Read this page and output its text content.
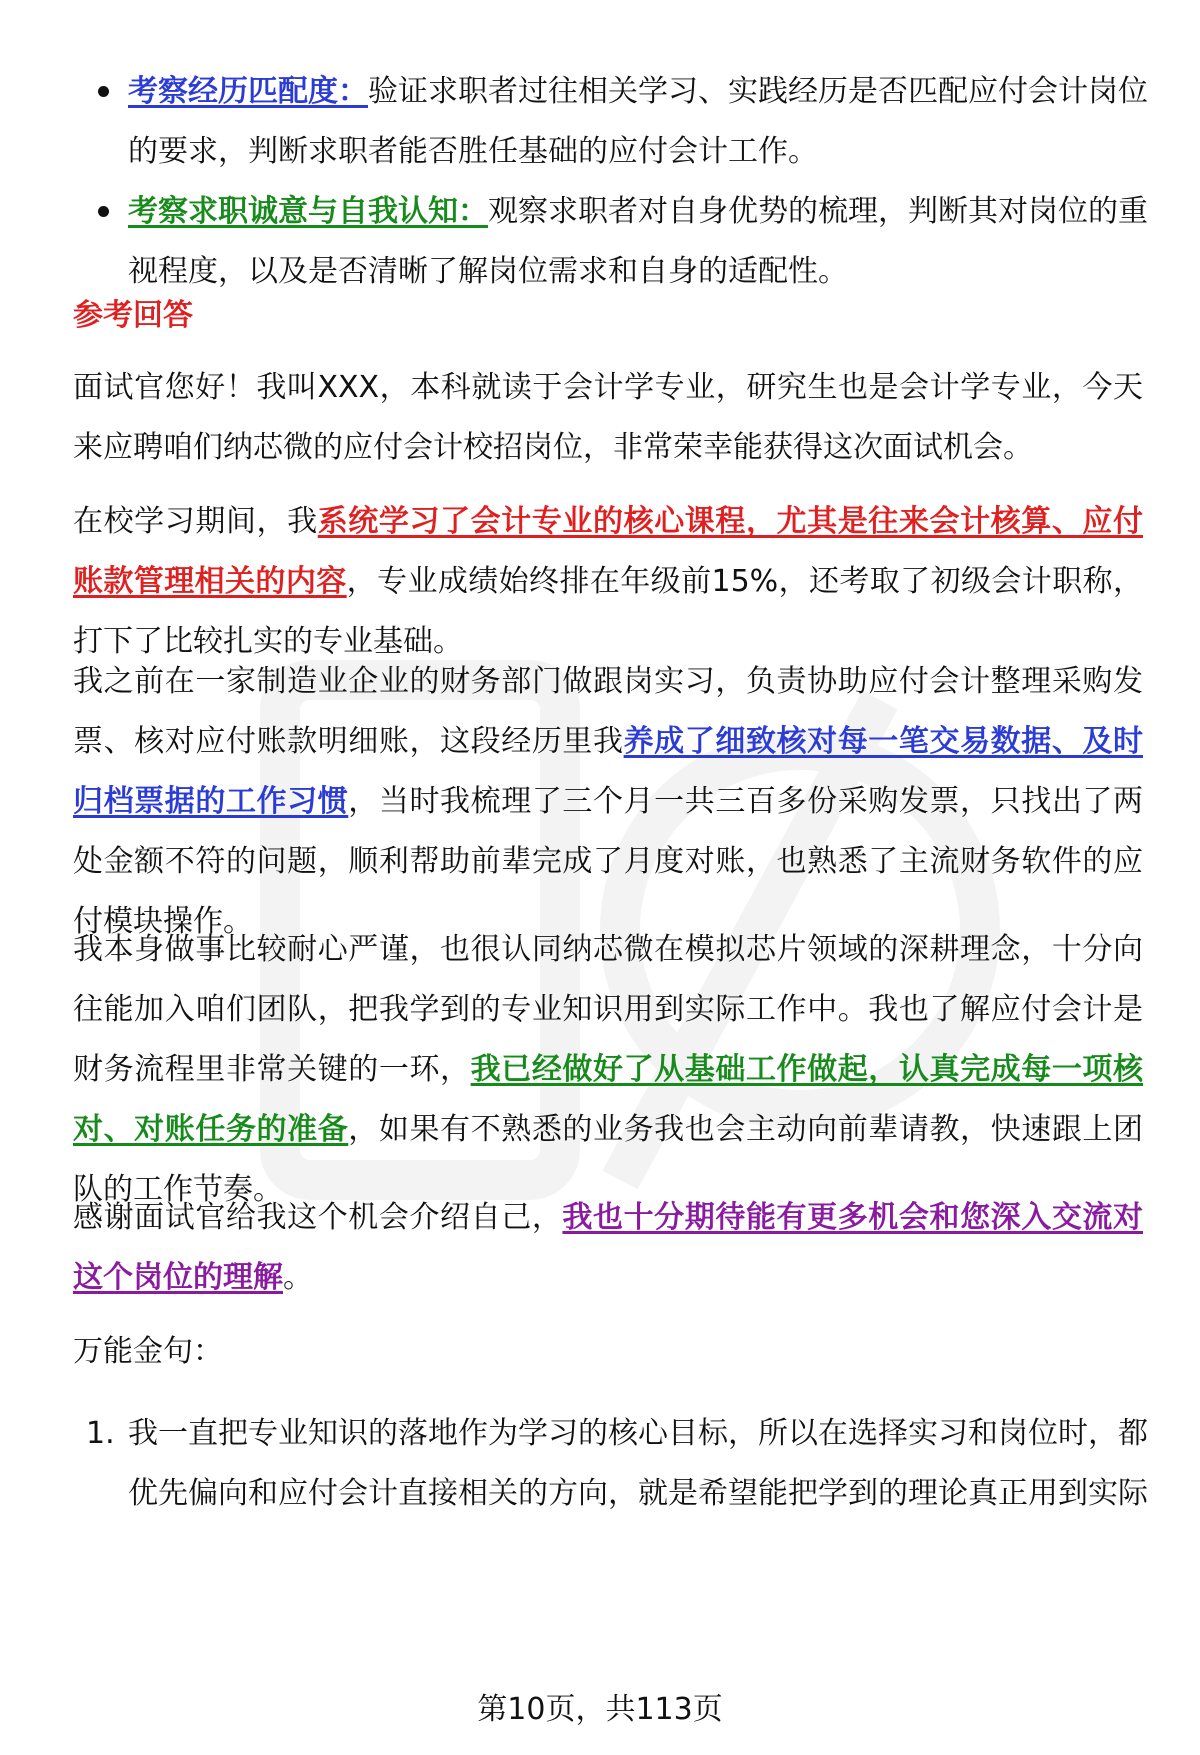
考察经历匹配度：验证求职者过往相关学习、实践经历是否匹配应付会计岗位的要求，判断求职者能否胜任基础的应付会计工作。
考察求职诚意与自我认知：观察求职者对自身优势的梳理，判断其对岗位的重视程度，以及是否清晰了解岗位需求和自身的适配性。

参考回答

面试官您好！我叫XXX，本科就读于会计学专业，研究生也是会计学专业，今天来应聘咱们纳芯微的应付会计校招岗位，非常荣幸能获得这次面试机会。

在校学习期间，我系统学习了会计专业的核心课程，尤其是往来会计核算、应付账款管理相关的内容，专业成绩始终排在年级前15%，还考取了初级会计职称，打下了比较扎实的专业基础。

我之前在一家制造业企业的财务部门做跟岗实习，负责协助应付会计整理采购发票、核对应付账款明细账，这段经历里我养成了细致核对每一笔交易数据、及时归档票据的工作习惯，当时我梳理了三个月一共三百多份采购发票，只找出了两处金额不符的问题，顺利帮助前辈完成了月度对账，也熟悉了主流财务软件的应付模块操作。

我本身做事比较耐心严谨，也很认同纳芯微在模拟芯片领域的深耕理念，十分向往能加入咱们团队，把我学到的专业知识用到实际工作中。我也了解应付会计是财务流程里非常关键的一环，我已经做好了从基础工作做起，认真完成每一项核对、对账任务的准备，如果有不熟悉的业务我也会主动向前辈请教，快速跟上团队的工作节奏。

感谢面试官给我这个机会介绍自己，我也十分期待能有更多机会和您深入交流对这个岗位的理解。

万能金句：

1. 我一直把专业知识的落地作为学习的核心目标，所以在选择实习和岗位时，都优先偏向和应付会计直接相关的方向，就是希望能把学到的理论真正用到实际
第10页，共113页
